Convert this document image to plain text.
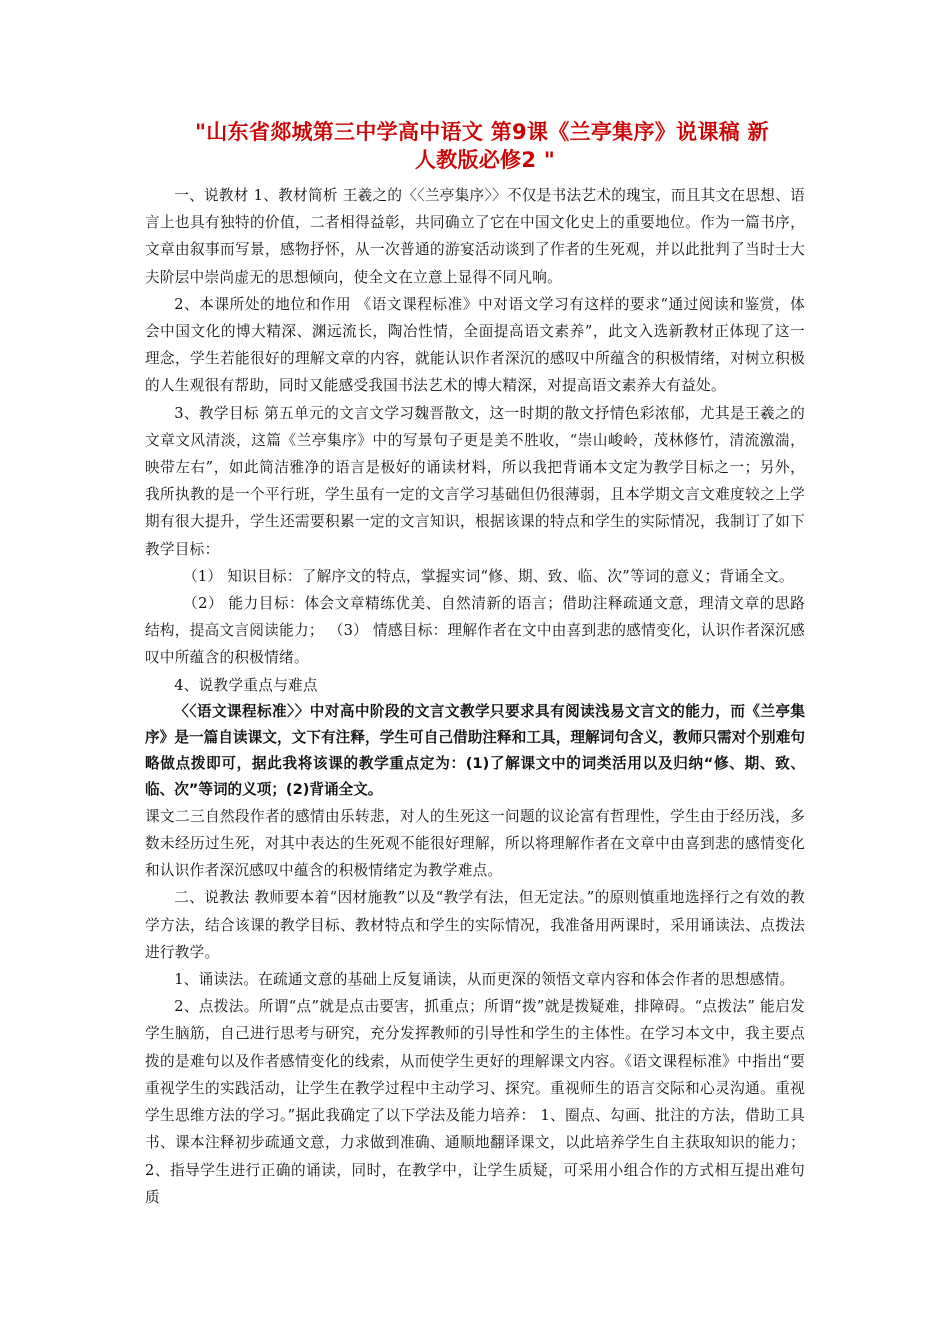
"山东省郯城第三中学高中语文 第9课《兰亭集序》说课稿 新
人教版必修2 "

一、说教材 1、教材简析 王羲之的〈〈兰亭集序〉〉不仅是书法艺术的瑰宝，而且其文在思想、语言上也具有独特的价值，二者相得益彰，共同确立了它在中国文化史上的重要地位。作为一篇书序，文章由叙事而写景，感物抒怀，从一次普通的游宴活动谈到了作者的生死观，并以此批判了当时士大夫阶层中崇尚虚无的思想倾向，使全文在立意上显得不同凡响。

2、本课所处的地位和作用 《语文课程标准》中对语文学习有这样的要求“通过阅读和鉴赏，体会中国文化的博大精深、渊远流长，陶冶性情，全面提高语文素养”，此文入选新教材正体现了这一理念，学生若能很好的理解文章的内容，就能认识作者深沉的感叹中所蕴含的积极情绪，对树立积极的人生观很有帮助，同时又能感受我国书法艺术的博大精深，对提高语文素养大有益处。

3、教学目标 第五单元的文言文学习魏晋散文，这一时期的散文抒情色彩浓郁，尤其是王羲之的文章文风清淡，这篇《兰亭集序》中的写景句子更是美不胜收，“崇山峻岭，茂林修竹，清流激湍，映带左右”，如此简洁雅净的语言是极好的诵读材料，所以我把背诵本文定为教学目标之一；另外，我所执教的是一个平行班，学生虽有一定的文言学习基础但仍很薄弱，且本学期文言文难度较之上学期有很大提升，学生还需要积累一定的文言知识，根据该课的特点和学生的实际情况，我制订了如下教学目标：

（1） 知识目标：了解序文的特点，掌握实词“修、期、致、临、次”等词的意义；背诵全文。

（2） 能力目标：体会文章精练优美、自然清新的语言；借助注释疏通文意，理清文章的思路结构，提高文言阅读能力； （3） 情感目标：理解作者在文中由喜到悲的感情变化，认识作者深沉感叹中所蕴含的积极情绪。

4、说教学重点与难点

〈〈语文课程标准〉〉中对高中阶段的文言文教学只要求具有阅读浅易文言文的能力，而《兰亭集序》是一篇自读课文，文下有注释，学生可自己借助注释和工具，理解词句含义，教师只需对个别难句略做点拨即可，据此我将该课的教学重点定为：(1)了解课文中的词类活用以及归纳“修、期、致、临、次”等词的义项；(2)背诵全文。

课文二三自然段作者的感情由乐转悲，对人的生死这一问题的议论富有哲理性，学生由于经历浅，多数未经历过生死，对其中表达的生死观不能很好理解，所以将理解作者在文章中由喜到悲的感情变化和认识作者深沉感叹中蕴含的积极情绪定为教学难点。

二、说教法 教师要本着“因材施教”以及“教学有法，但无定法。”的原则慎重地选择行之有效的教学方法，结合该课的教学目标、教材特点和学生的实际情况，我准备用两课时，采用诵读法、点拨法进行教学。

1、诵读法。在疏通文意的基础上反复诵读，从而更深的领悟文章内容和体会作者的思想感情。

2、点拨法。所谓“点”就是点击要害，抓重点；所谓“拨”就是拨疑难，排障碍。“点拨法” 能启发学生脑筋，自己进行思考与研究，充分发挥教师的引导性和学生的主体性。在学习本文中，我主要点拨的是难句以及作者感情变化的线索，从而使学生更好的理解课文内容。《语文课程标准》中指出“要重视学生的实践活动，让学生在教学过程中主动学习、探究。重视师生的语言交际和心灵沟通。重视学生思维方法的学习。”据此我确定了以下学法及能力培养： 1、圈点、勾画、批注的方法，借助工具书、课本注释初步疏通文意，力求做到准确、通顺地翻译课文，以此培养学生自主获取知识的能力；2、指导学生进行正确的诵读，同时，在教学中，让学生质疑，可采用小组合作的方式相互提出难句质
